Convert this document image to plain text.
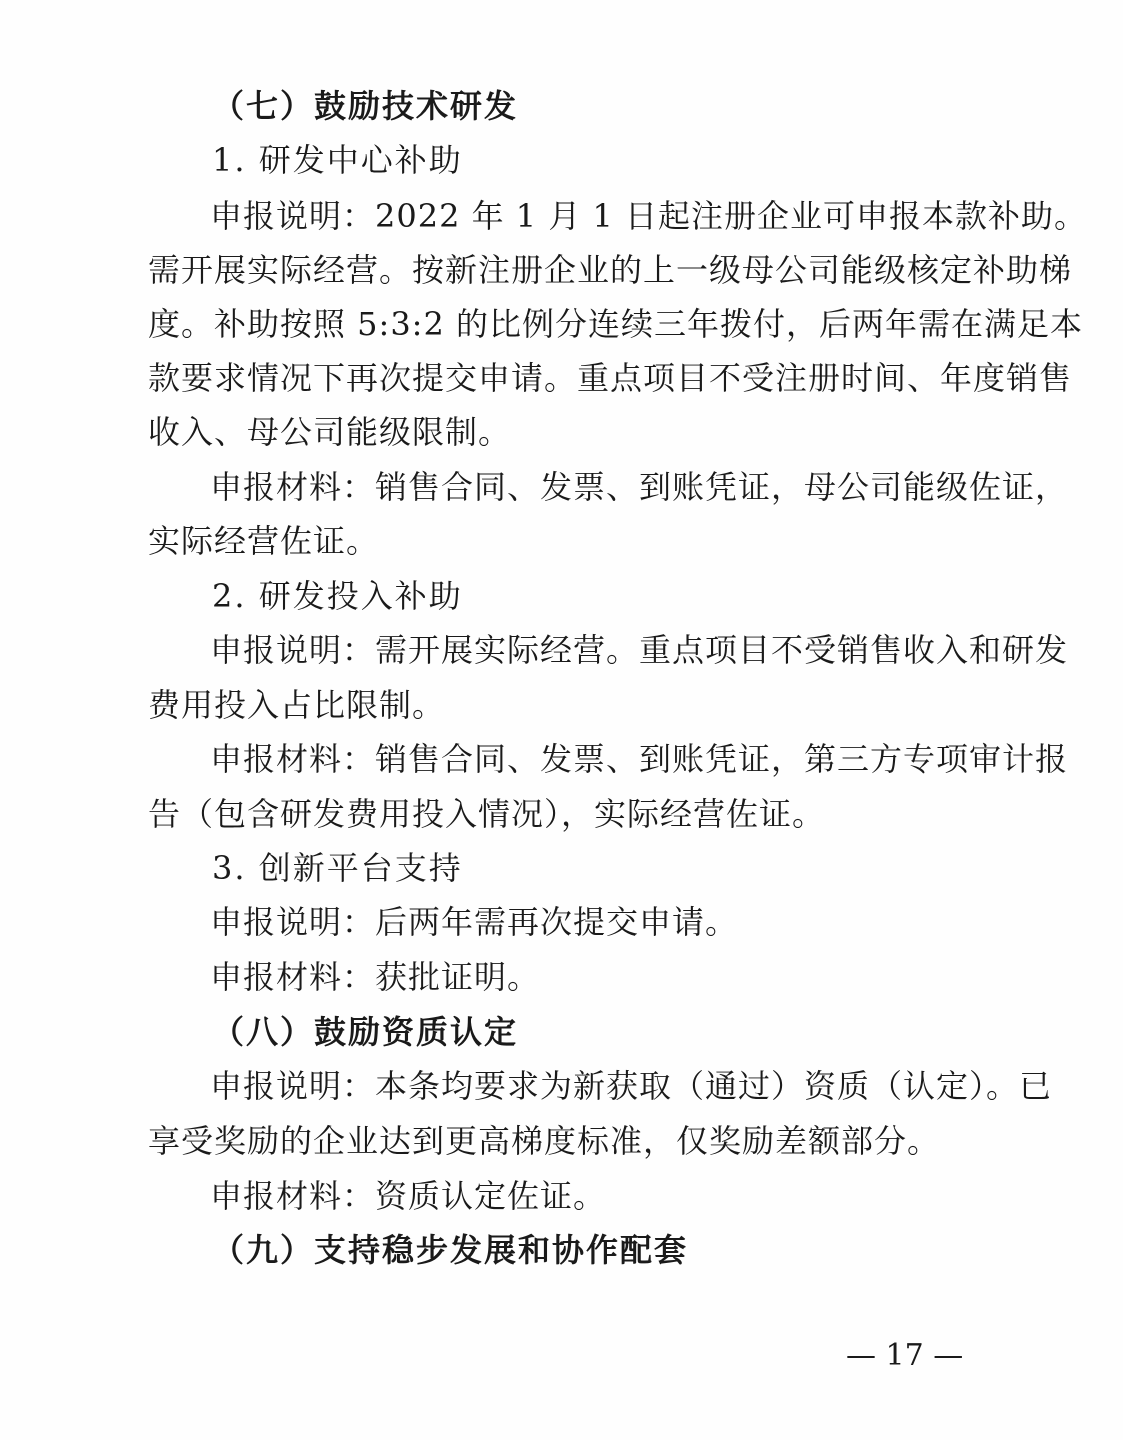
（七）鼓励技术研发
1. 研发中心补助
申报说明：2022 年 1 月 1 日起注册企业可申报本款补助。
需开展实际经营。按新注册企业的上一级母公司能级核定补助梯
度。补助按照 5:3:2 的比例分连续三年拨付，后两年需在满足本
款要求情况下再次提交申请。重点项目不受注册时间、年度销售
收入、母公司能级限制。
申报材料：销售合同、发票、到账凭证，母公司能级佐证，
实际经营佐证。
2. 研发投入补助
申报说明：需开展实际经营。重点项目不受销售收入和研发
费用投入占比限制。
申报材料：销售合同、发票、到账凭证，第三方专项审计报
告（包含研发费用投入情况），实际经营佐证。
3. 创新平台支持
申报说明：后两年需再次提交申请。
申报材料：获批证明。
（八）鼓励资质认定
申报说明：本条均要求为新获取（通过）资质（认定）。已
享受奖励的企业达到更高梯度标准，仅奖励差额部分。
申报材料：资质认定佐证。
（九）支持稳步发展和协作配套
— 17 —
